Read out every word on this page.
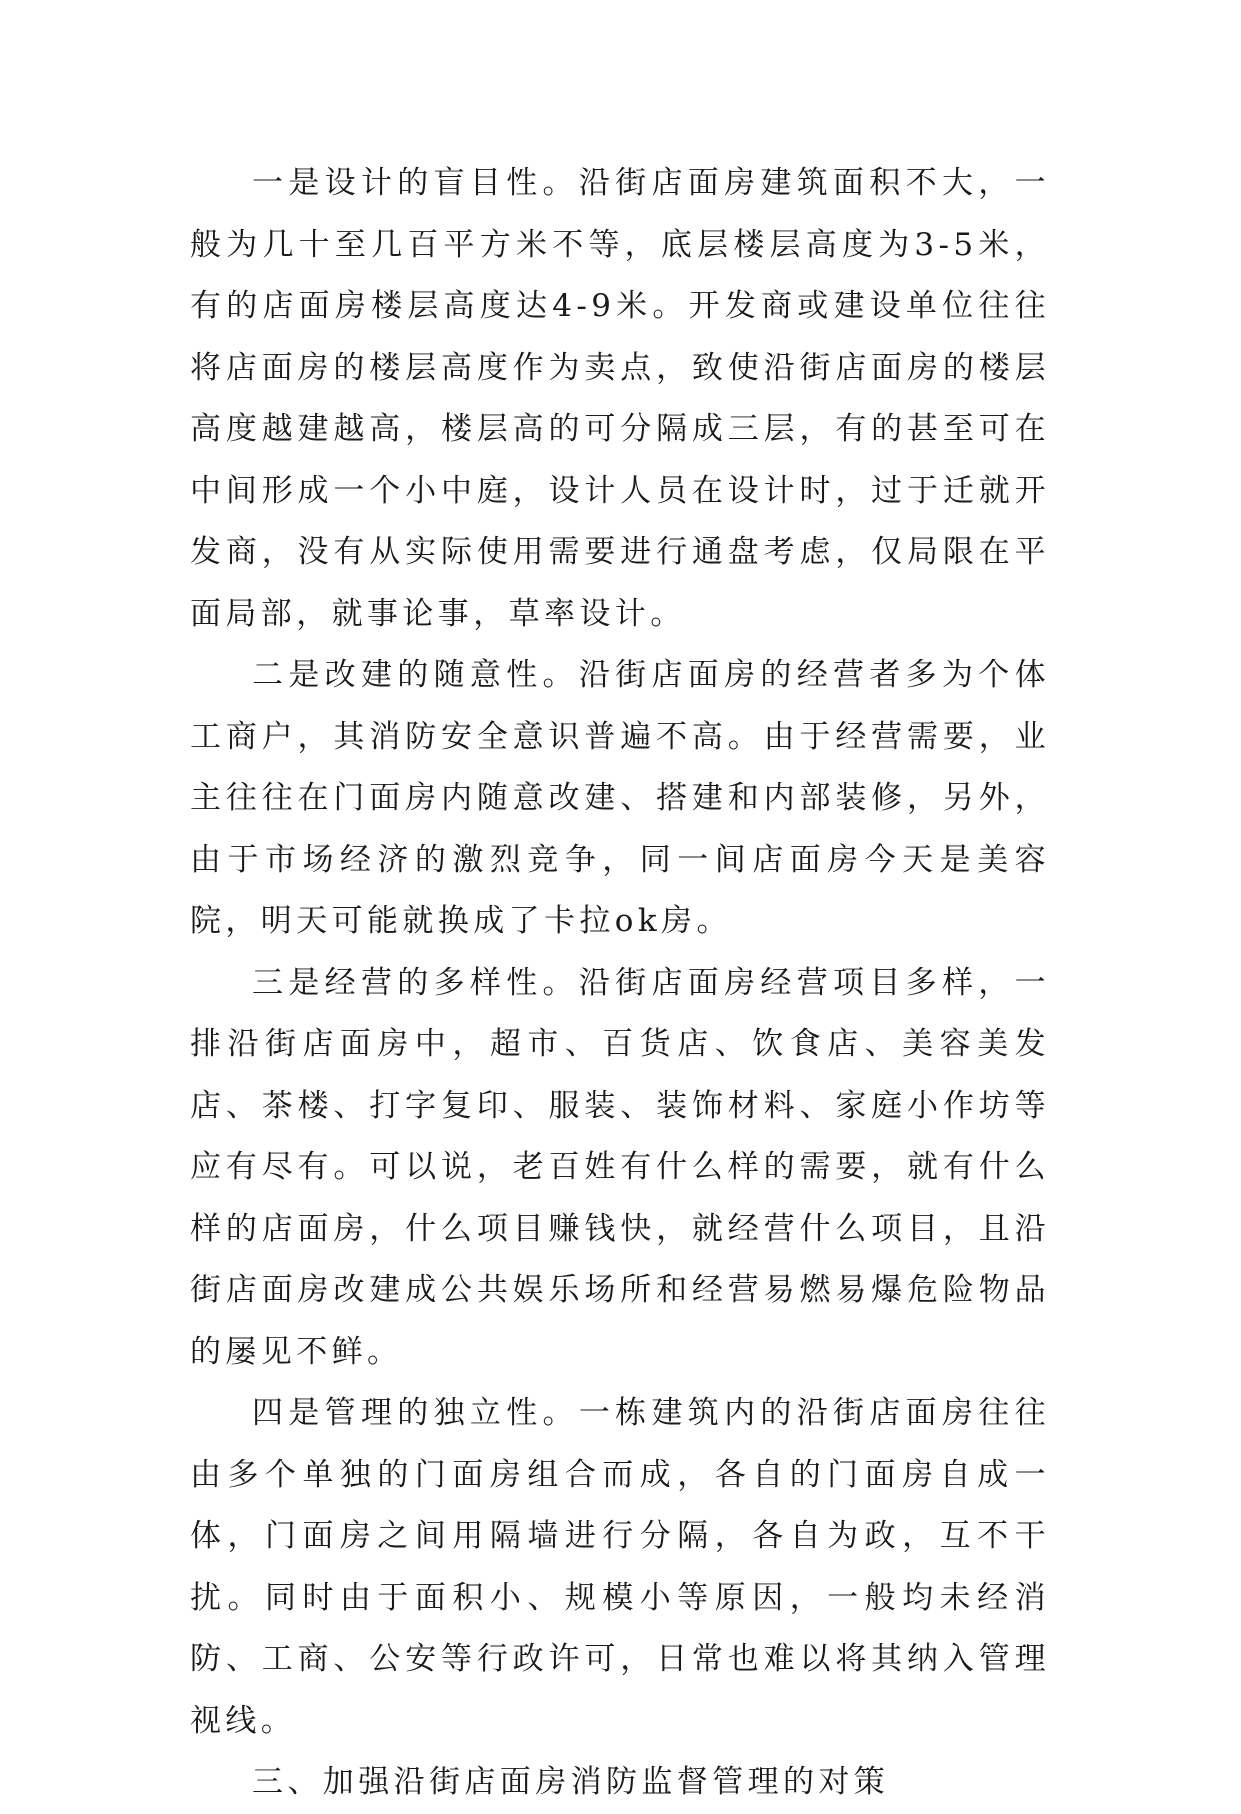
一是设计的盲目性。沿街店面房建筑面积不大，一般为几十至几百平方米不等，底层楼层高度为3-5米，有的店面房楼层高度达4-9米。开发商或建设单位往往将店面房的楼层高度作为卖点，致使沿街店面房的楼层高度越建越高，楼层高的可分隔成三层，有的甚至可在中间形成一个小中庭，设计人员在设计时，过于迁就开发商，没有从实际使用需要进行通盘考虑，仅局限在平面局部，就事论事，草率设计。

二是改建的随意性。沿街店面房的经营者多为个体工商户，其消防安全意识普遍不高。由于经营需要，业主往往在门面房内随意改建、搭建和内部装修，另外，由于市场经济的激烈竞争，同一间店面房今天是美容院，明天可能就换成了卡拉ok房。

三是经营的多样性。沿街店面房经营项目多样，一排沿街店面房中，超市、百货店、饮食店、美容美发店、茶楼、打字复印、服装、装饰材料、家庭小作坊等应有尽有。可以说，老百姓有什么样的需要，就有什么样的店面房，什么项目赚钱快，就经营什么项目，且沿街店面房改建成公共娱乐场所和经营易燃易爆危险物品的屡见不鲜。

四是管理的独立性。一栋建筑内的沿街店面房往往由多个单独的门面房组合而成，各自的门面房自成一体，门面房之间用隔墙进行分隔，各自为政，互不干扰。同时由于面积小、规模小等原因，一般均未经消防、工商、公安等行政许可，日常也难以将其纳入管理视线。

三、加强沿街店面房消防监督管理的对策
